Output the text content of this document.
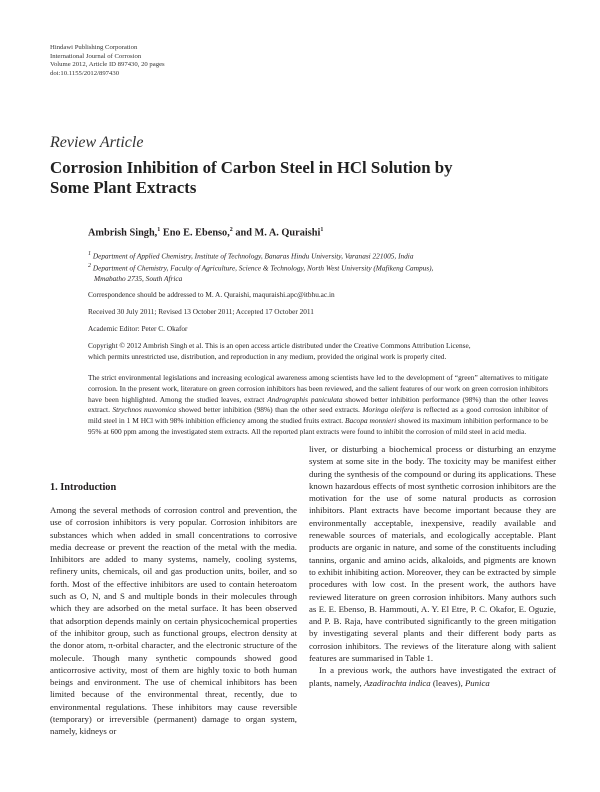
Hindawi Publishing Corporation
International Journal of Corrosion
Volume 2012, Article ID 897430, 20 pages
doi:10.1155/2012/897430
Review Article
Corrosion Inhibition of Carbon Steel in HCl Solution by
Some Plant Extracts
Ambrish Singh,$^1$ Eno E. Ebenso,$^2$ and M. A. Quraishi$^1$
$^1$ Department of Applied Chemistry, Institute of Technology, Banaras Hindu University, Varanasi 221005, India
$^2$ Department of Chemistry, Faculty of Agriculture, Science & Technology, North West University (Mafikeng Campus),
Mmabatho 2735, South Africa
Correspondence should be addressed to M. A. Quraishi, maquraishi.apc@itbhu.ac.in
Received 30 July 2011; Revised 13 October 2011; Accepted 17 October 2011
Academic Editor: Peter C. Okafor
Copyright © 2012 Ambrish Singh et al. This is an open access article distributed under the Creative Commons Attribution License,
which permits unrestricted use, distribution, and reproduction in any medium, provided the original work is properly cited.
The strict environmental legislations and increasing ecological awareness among scientists have led to the development of “green” alternatives to mitigate corrosion. In the present work, literature on green corrosion inhibitors has been reviewed, and the salient features of our work on green corrosion inhibitors have been highlighted. Among the studied leaves, extract Andrographis paniculata showed better inhibition performance (98%) than the other leaves extract. Strychnos nuxvomica showed better inhibition (98%) than the other seed extracts. Moringa oleifera is reflected as a good corrosion inhibitor of mild steel in 1 M HCl with 98% inhibition efficiency among the studied fruits extract. Bacopa monnieri showed its maximum inhibition performance to be 95% at 600 ppm among the investigated stem extracts. All the reported plant extracts were found to inhibit the corrosion of mild steel in acid media.
1. Introduction

Among the several methods of corrosion control and prevention, the use of corrosion inhibitors is very popular. Corrosion inhibitors are substances which when added in small concentrations to corrosive media decrease or prevent the reaction of the metal with the media. Inhibitors are added to many systems, namely, cooling systems, refinery units, chemicals, oil and gas production units, boiler, and so forth. Most of the effective inhibitors are used to contain heteroatom such as O, N, and S and multiple bonds in their molecules through which they are adsorbed on the metal surface. It has been observed that adsorption depends mainly on certain physicochemical properties of the inhibitor group, such as functional groups, electron density at the donor atom, π-orbital character, and the electronic structure of the molecule. Though many synthetic compounds showed good anticorrosive activity, most of them are highly toxic to both human beings and environment. The use of chemical inhibitors has been limited because of the environmental threat, recently, due to environmental regulations. These inhibitors may cause reversible (temporary) or irreversible (permanent) damage to organ system, namely, kidneys or

liver, or disturbing a biochemical process or disturbing an enzyme system at some site in the body. The toxicity may be manifest either during the synthesis of the compound or during its applications. These known hazardous effects of most synthetic corrosion inhibitors are the motivation for the use of some natural products as corrosion inhibitors. Plant extracts have become important because they are environmentally acceptable, inexpensive, readily available and renewable sources of materials, and ecologically acceptable. Plant products are organic in nature, and some of the constituents including tannins, organic and amino acids, alkaloids, and pigments are known to exhibit inhibiting action. Moreover, they can be extracted by simple procedures with low cost. In the present work, the authors have reviewed literature on green corrosion inhibitors. Many authors such as E. E. Ebenso, B. Hammouti, A. Y. El Etre, P. C. Okafor, E. Oguzie, and P. B. Raja, have contributed significantly to the green mitigation by investigating several plants and their different body parts as corrosion inhibitors. The reviews of the literature along with salient features are summarised in Table 1.

In a previous work, the authors have investigated the extract of plants, namely, Azadirachta indica (leaves), Punica
